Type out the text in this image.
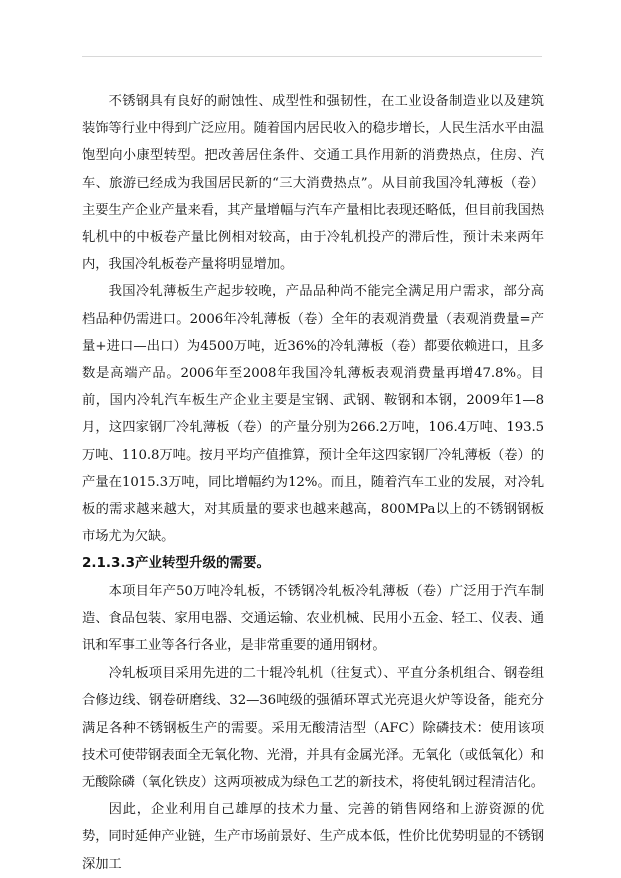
不锈钢具有良好的耐蚀性、成型性和强韧性，在工业设备制造业以及建筑装饰等行业中得到广泛应用。随着国内居民收入的稳步增长，人民生活水平由温饱型向小康型转型。把改善居住条件、交通工具作用新的消费热点，住房、汽车、旅游已经成为我国居民新的“三大消费热点”。从目前我国冷轧薄板（卷）主要生产企业产量来看，其产量增幅与汽车产量相比表现还略低，但目前我国热轧机中的中板卷产量比例相对较高，由于冷轧机投产的滞后性，预计未来两年内，我国冷轧板卷产量将明显增加。

我国冷轧薄板生产起步较晚，产品品种尚不能完全满足用户需求，部分高档品种仍需进口。2006年冷轧薄板（卷）全年的表观消费量（表观消费量=产量+进口—出口）为4500万吨，近36%的冷轧薄板（卷）都要依赖进口，且多数是高端产品。2006年至2008年我国冷轧薄板表观消费量再增47.8%。目前，国内冷轧汽车板生产企业主要是宝钢、武钢、鞍钢和本钢，2009年1—8月，这四家钢厂冷轧薄板（卷）的产量分别为266.2万吨，106.4万吨、193.5万吨、110.8万吨。按月平均产值推算，预计全年这四家钢厂冷轧薄板（卷）的产量在1015.3万吨，同比增幅约为12%。而且，随着汽车工业的发展，对冷轧板的需求越来越大，对其质量的要求也越来越高，800MPa以上的不锈钢钢板市场尤为欠缺。

2.1.3.3产业转型升级的需要。

本项目年产50万吨冷轧板，不锈钢冷轧板冷轧薄板（卷）广泛用于汽车制造、食品包装、家用电器、交通运输、农业机械、民用小五金、轻工、仪表、通讯和军事工业等各行各业，是非常重要的通用钢材。

冷轧板项目采用先进的二十辊冷轧机（往复式）、平直分条机组合、钢卷组合修边线、钢卷研磨线、32—36吨级的强循环罩式光亮退火炉等设备，能充分满足各种不锈钢板生产的需要。采用无酸清洁型（AFC）除磷技术：使用该项技术可使带钢表面全无氧化物、光滑，并具有金属光泽。无氧化（或低氧化）和无酸除磷（氧化铁皮）这两项被成为绿色工艺的新技术，将使轧钢过程清洁化。

因此，企业利用自己雄厚的技术力量、完善的销售网络和上游资源的优势，同时延伸产业链，生产市场前景好、生产成本低，性价比优势明显的不锈钢深加工
